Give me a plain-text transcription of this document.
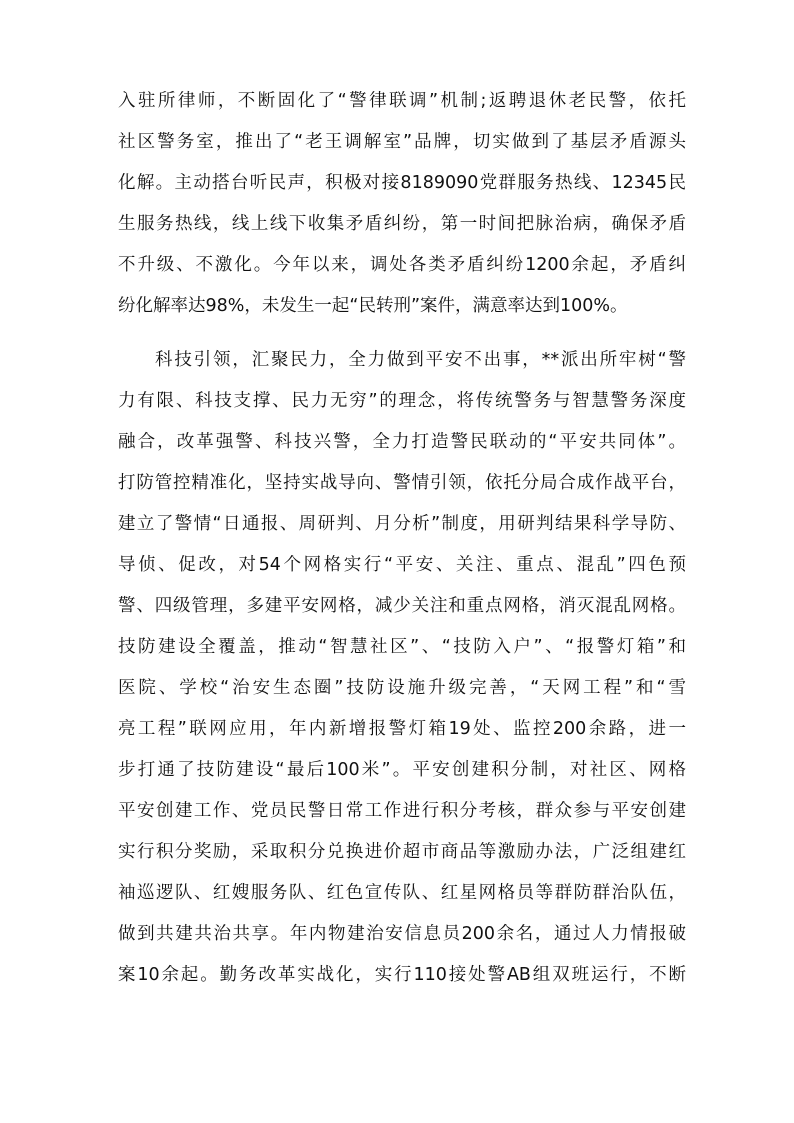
入驻所律师，不断固化了“警律联调”机制;返聘退休老民警，依托
社区警务室，推出了“老王调解室”品牌，切实做到了基层矛盾源头
化解。主动搭台听民声，积极对接8189090党群服务热线、12345民
生服务热线，线上线下收集矛盾纠纷，第一时间把脉治病，确保矛盾
不升级、不激化。今年以来，调处各类矛盾纠纷1200余起，矛盾纠
纷化解率达98%，未发生一起“民转刑”案件，满意率达到100%。
科技引领，汇聚民力，全力做到平安不出事，**派出所牢树“警
力有限、科技支撑、民力无穷”的理念，将传统警务与智慧警务深度
融合，改革强警、科技兴警，全力打造警民联动的“平安共同体”。
打防管控精准化，坚持实战导向、警情引领，依托分局合成作战平台，
建立了警情“日通报、周研判、月分析”制度，用研判结果科学导防、
导侦、促改，对54个网格实行“平安、关注、重点、混乱”四色预
警、四级管理，多建平安网格，减少关注和重点网格，消灭混乱网格。
技防建设全覆盖，推动“智慧社区”、“技防入户”、“报警灯箱”和
医院、学校“治安生态圈”技防设施升级完善，“天网工程”和“雪
亮工程”联网应用，年内新增报警灯箱19处、监控200余路，进一
步打通了技防建设“最后100米”。平安创建积分制，对社区、网格
平安创建工作、党员民警日常工作进行积分考核，群众参与平安创建
实行积分奖励，采取积分兑换进价超市商品等激励办法，广泛组建红
袖巡逻队、红嫂服务队、红色宣传队、红星网格员等群防群治队伍，
做到共建共治共享。年内物建治安信息员200余名，通过人力情报破
案10余起。勤务改革实战化，实行110接处警AB组双班运行，不断
